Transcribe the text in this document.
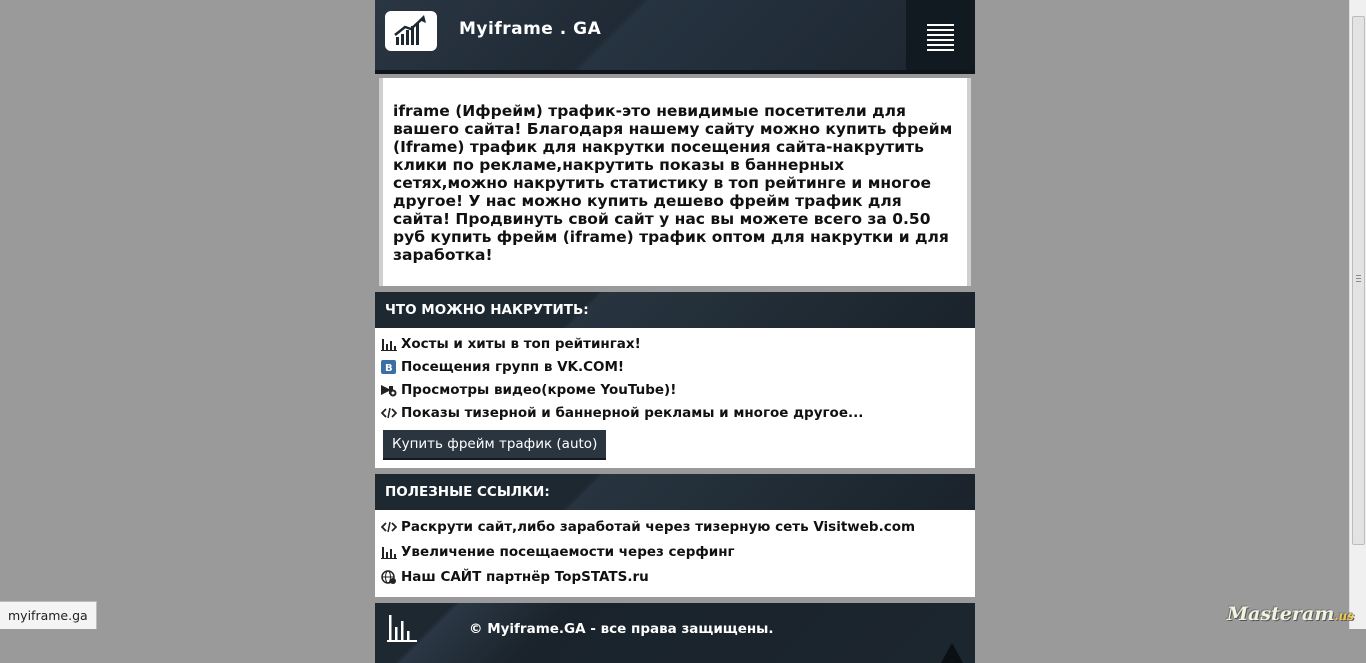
Myiframe . GA

iframe (Ифрейм) трафик-это невидимые посетители для вашего сайта! Благодаря нашему сайту можно купить фрейм (Iframe) трафик для накрутки посещения сайта-накрутить клики по рекламе,накрутить показы в баннерных сетях,можно накрутить статистику в топ рейтинге и многое другое! У нас можно купить дешево фрейм трафик для сайта! Продвинуть свой сайт у нас вы можете всего за 0.50 руб купить фрейм (iframe) трафик оптом для накрутки и для заработка!

ЧТО МОЖНО НАКРУТИТЬ:
Хосты и хиты в топ рейтингах!
B Посещения групп в VK.COM!
Просмотры видео(кроме YouTube)!
Показы тизерной и баннерной рекламы и многое другое...
Купить фрейм трафик (auto)
ПОЛЕЗНЫЕ ССЫЛКИ:
Раскрути сайт,либо заработай через тизерную сеть Visitweb.com
Увеличение посещаемости через серфинг
Наш САЙТ партнёр TopSTATS.ru
© Myiframe.GA - все права защищены.
myiframe.ga	Masteram.us
